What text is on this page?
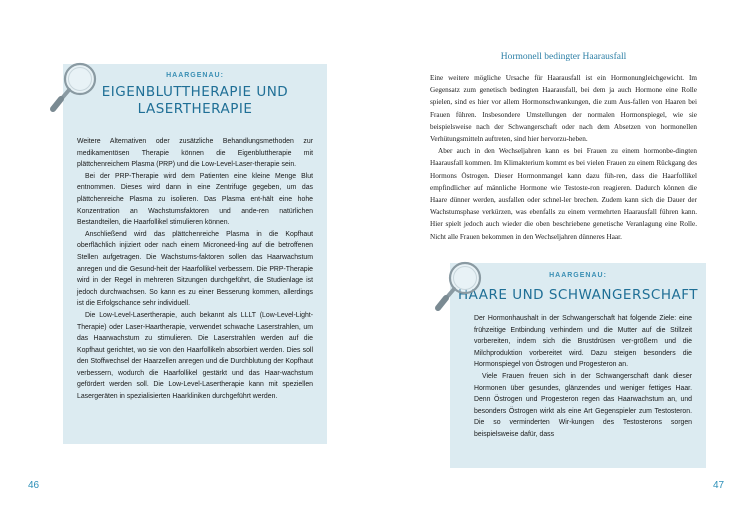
HAARGENAU:
EIGENBLUTTHERAPIE UND
LASERTHERAPIE

Weitere Alternativen oder zusätzliche Behandlungsmethoden zur medikamentösen Therapie können die Eigenbluttherapie mit plättchenreichem Plasma (PRP) und die Low-Level-Laser-therapie sein.

Bei der PRP-Therapie wird dem Patienten eine kleine Menge Blut entnommen. Dieses wird dann in eine Zentrifuge gegeben, um das plättchenreiche Plasma zu isolieren. Das Plasma ent-hält eine hohe Konzentration an Wachstumsfaktoren und ande-ren natürlichen Bestandteilen, die Haarfollikel stimulieren können.

Anschließend wird das plättchenreiche Plasma in die Kopfhaut oberflächlich injiziert oder nach einem Microneed-ling auf die betroffenen Stellen aufgetragen. Die Wachstums-faktoren sollen das Haarwachstum anregen und die Gesund-heit der Haarfollikel verbessern. Die PRP-Therapie wird in der Regel in mehreren Sitzungen durchgeführt, die Studienlage ist jedoch durchwachsen. So kann es zu einer Besserung kommen, allerdings ist die Erfolgschance sehr individuell.

Die Low-Level-Lasertherapie, auch bekannt als LLLT (Low-Level-Light-Therapie) oder Laser-Haartherapie, verwendet schwache Laserstrahlen, um das Haarwachstum zu stimulieren. Die Laserstrahlen werden auf die Kopfhaut gerichtet, wo sie von den Haarfollikeln absorbiert werden. Dies soll den Stoffwechsel der Haarzellen anregen und die Durchblutung der Kopfhaut verbessern, wodurch die Haarfollikel gestärkt und das Haar-wachstum gefördert werden soll. Die Low-Level-Lasertherapie kann mit speziellen Lasergeräten in spezialisierten Haarkliniken durchgeführt werden.

46
Hormonell bedingter Haarausfall

Eine weitere mögliche Ursache für Haarausfall ist ein Hormonungleichgewicht. Im Gegensatz zum genetisch bedingten Haarausfall, bei dem ja auch Hormone eine Rolle spielen, sind es hier vor allem Hormonschwankungen, die zum Aus-fallen von Haaren bei Frauen führen. Insbesondere Umstellungen der normalen Hormonspiegel, wie sie beispielsweise nach der Schwangerschaft oder nach dem Absetzen von hormonellen Verhütungsmitteln auftreten, sind hier hervorzu-heben.

Aber auch in den Wechseljahren kann es bei Frauen zu einem hormonbe-dingten Haarausfall kommen. Im Klimakterium kommt es bei vielen Frauen zu einem Rückgang des Hormons Östrogen. Dieser Hormonmangel kann dazu füh-ren, dass die Haarfollikel empfindlicher auf männliche Hormone wie Testoste-ron reagieren. Dadurch können die Haare dünner werden, ausfallen oder schnel-ler brechen. Zudem kann sich die Dauer der Wachstumsphase verkürzen, was ebenfalls zu einem vermehrten Haarausfall führen kann. Hier spielt jedoch auch wieder die oben beschriebene genetische Veranlagung eine Rolle. Nicht alle Frauen bekommen in den Wechseljahren dünneres Haar.

HAARGENAU:
HAARE UND SCHWANGERSCHAFT

Der Hormonhaushalt in der Schwangerschaft hat folgende Ziele: eine frühzeitige Entbindung verhindern und die Mutter auf die Stillzeit vorbereiten, indem sich die Brustdrüsen ver-größern und die Milchproduktion vorbereitet wird. Dazu steigen besonders die Hormonspiegel von Östrogen und Progesteron an.

Viele Frauen freuen sich in der Schwangerschaft dank dieser Hormonen über gesundes, glänzendes und weniger fettiges Haar. Denn Östrogen und Progesteron regen das Haarwachstum an, und besonders Östrogen wirkt als eine Art Gegenspieler zum Testosteron. Die so verminderten Wir-kungen des Testosterons sorgen beispielsweise dafür, dass

47
